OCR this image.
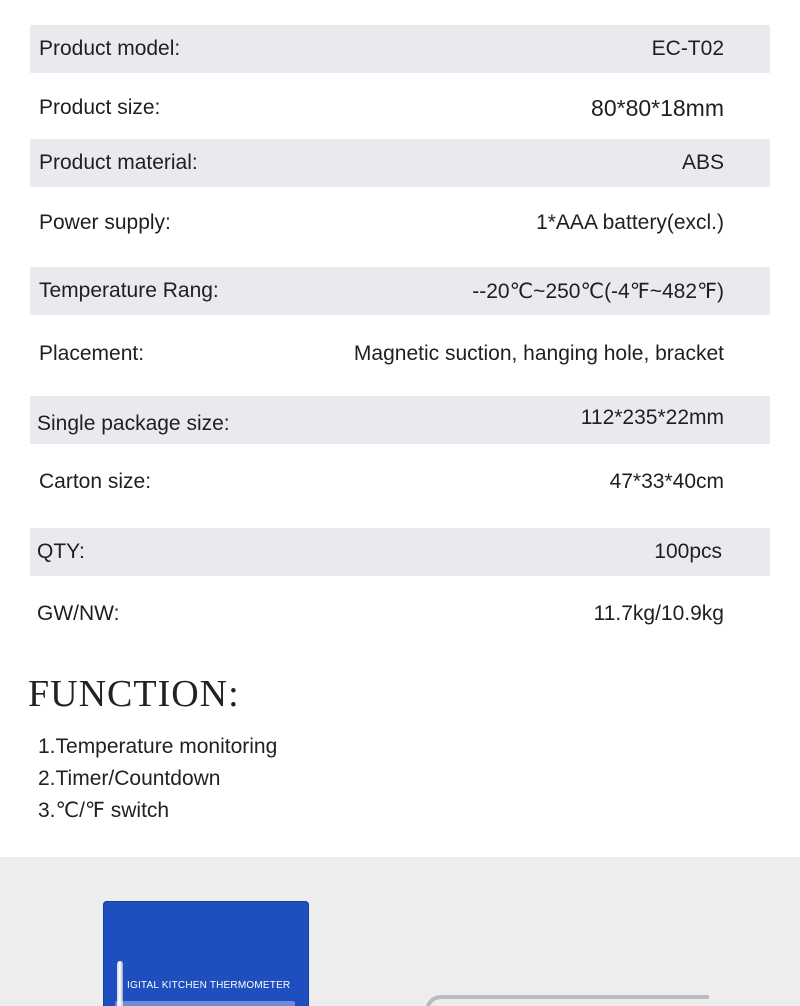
Product model:	EC-T02
Product size:	80*80*18mm
Product material:	ABS
Power supply:	1*AAA battery(excl.)
Temperature Rang:	--20℃~250℃(-4℉~482℉)
Placement:	Magnetic suction, hanging hole, bracket
Single package size:	112*235*22mm
Carton size:	47*33*40cm
QTY:	100pcs
GW/NW:	11.7kg/10.9kg
FUNCTION:
1.Temperature monitoring
2.Timer/Countdown
3.℃/℉ switch
IGITAL KITCHEN THERMOMETER
